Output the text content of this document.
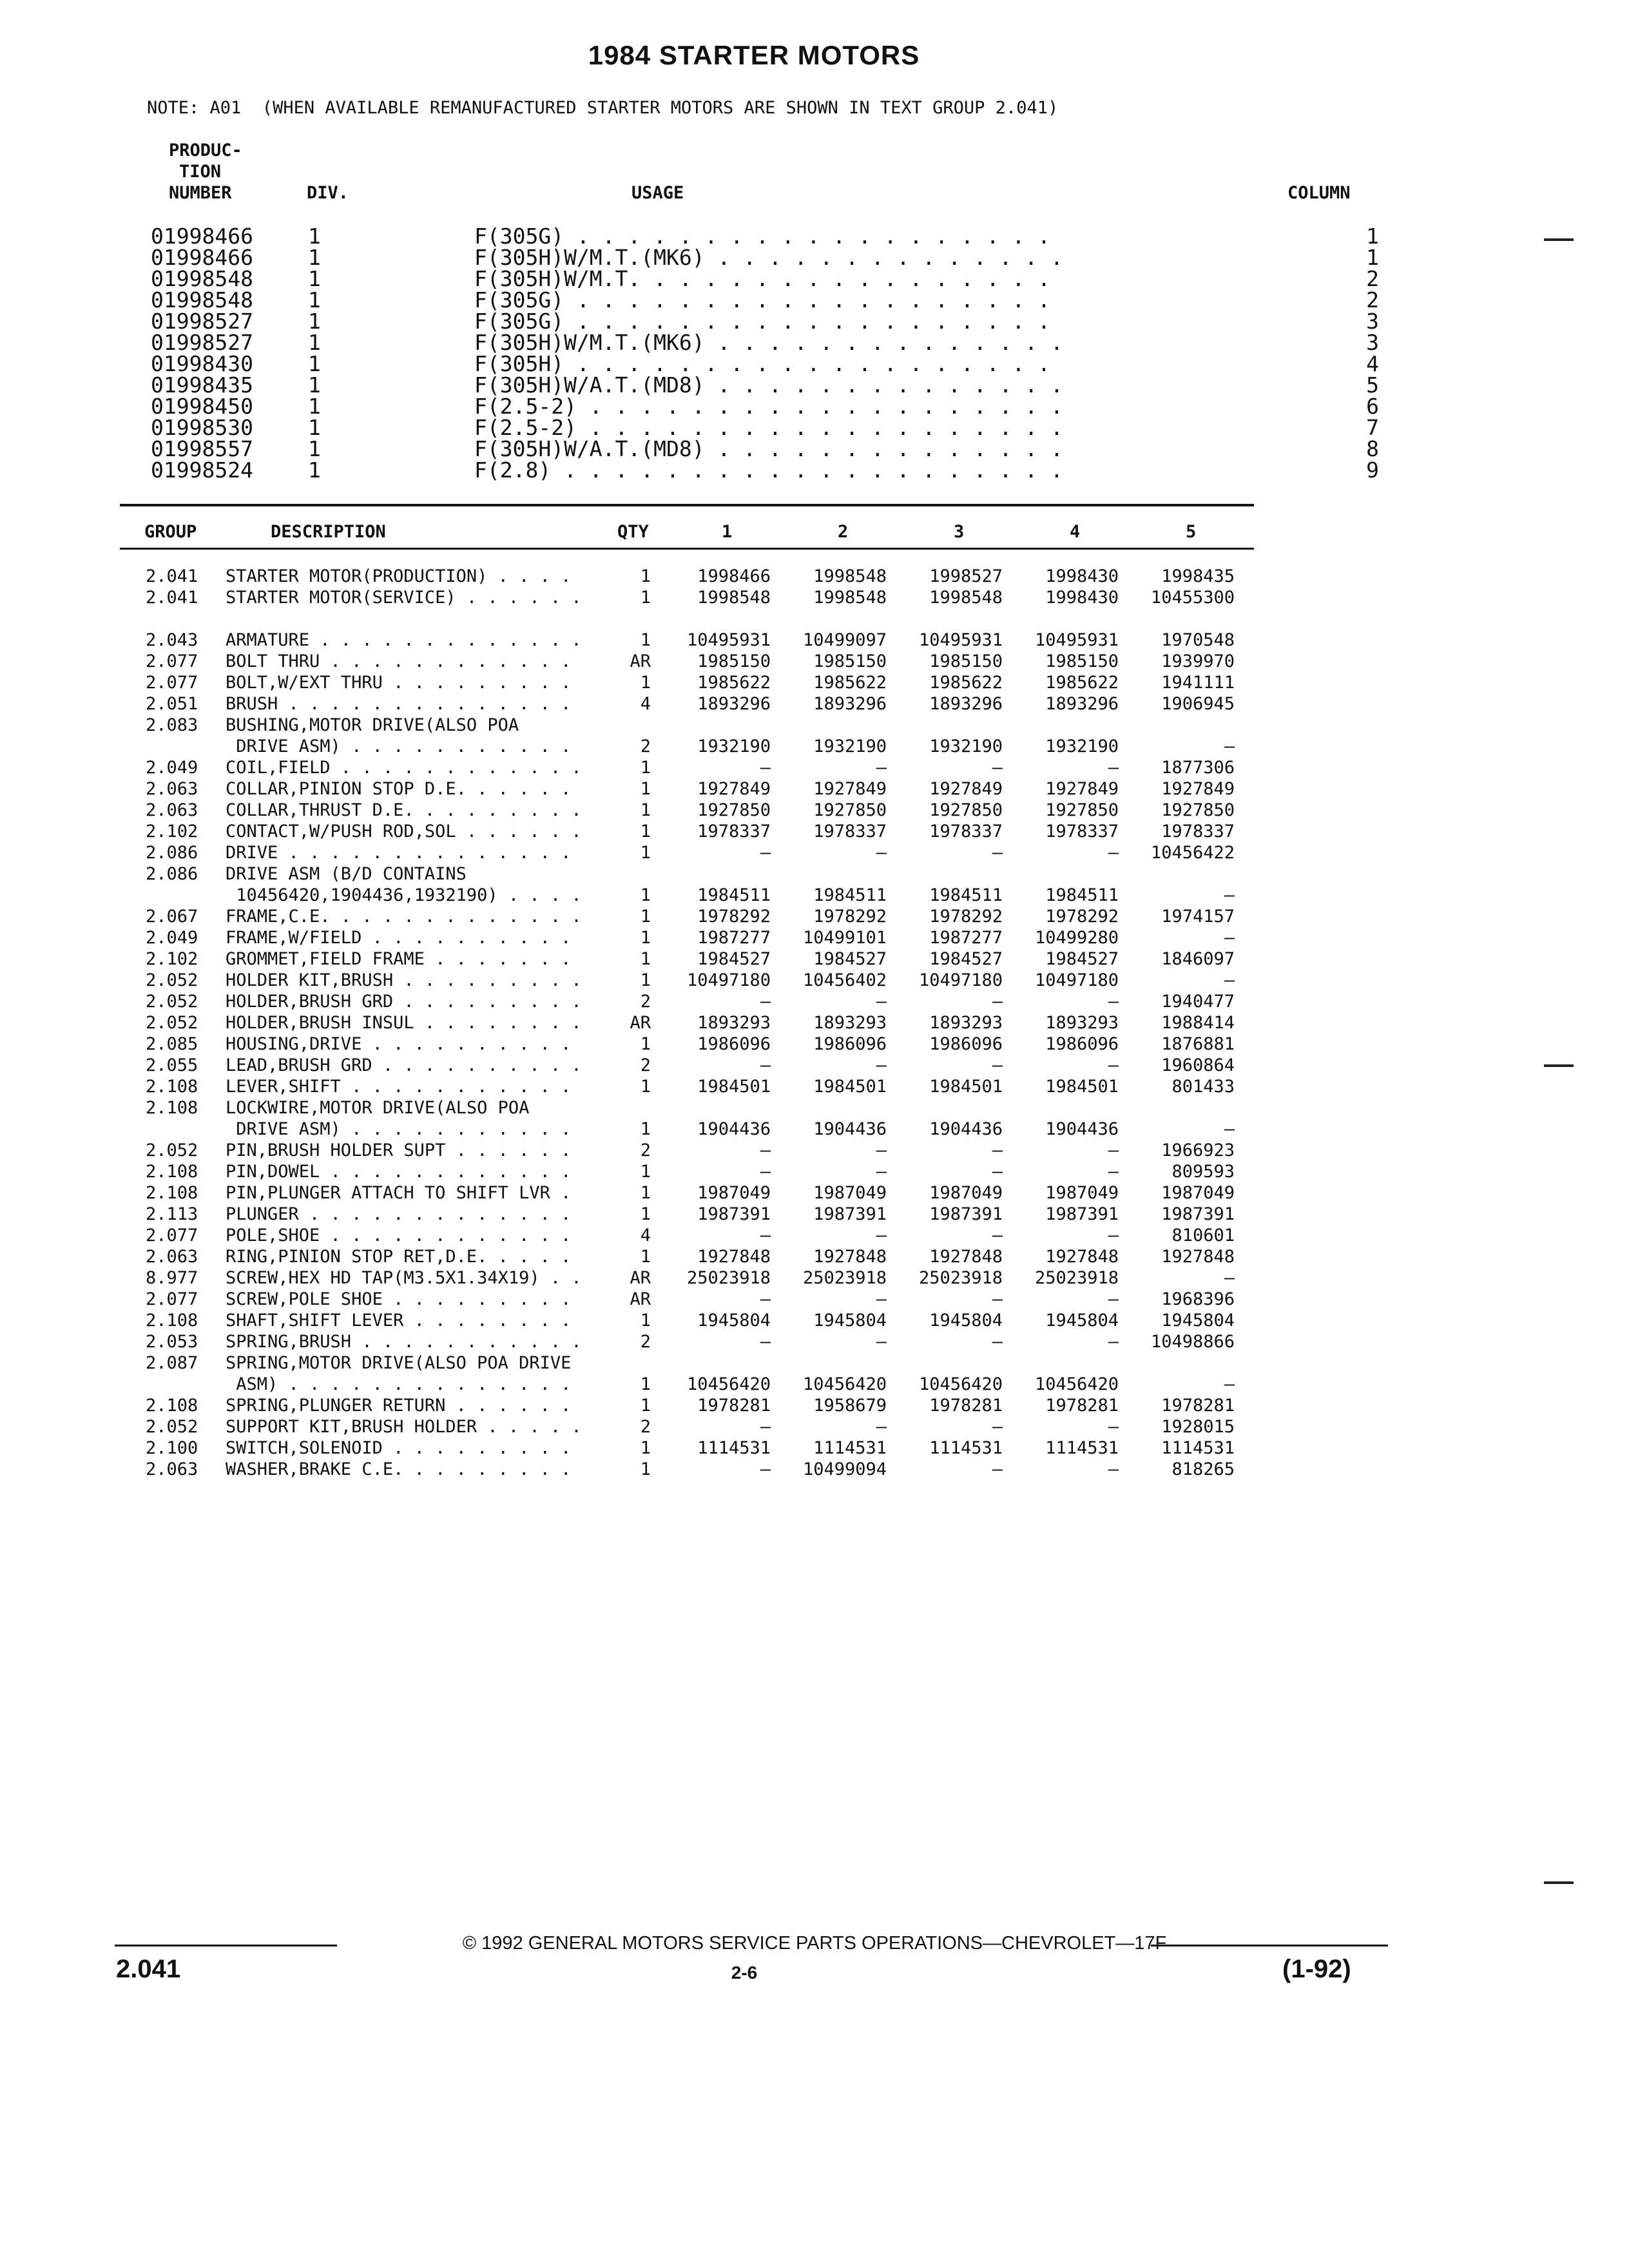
1984 STARTER MOTORS
NOTE: A01  (WHEN AVAILABLE REMANUFACTURED STARTER MOTORS ARE SHOWN IN TEXT GROUP 2.041)
PRODUC-
TION
NUMBER	DIV.	USAGE	COLUMN
01998466	1	F(305G) . . . . . . . . . . . . . . . . . . .	1
01998466	1	F(305H)W/M.T.(MK6) . . . . . . . . . . . . . .	1
01998548	1	F(305H)W/M.T. . . . . . . . . . . . . . . . .	2
01998548	1	F(305G) . . . . . . . . . . . . . . . . . . .	2
01998527	1	F(305G) . . . . . . . . . . . . . . . . . . .	3
01998527	1	F(305H)W/M.T.(MK6) . . . . . . . . . . . . . .	3
01998430	1	F(305H) . . . . . . . . . . . . . . . . . . .	4
01998435	1	F(305H)W/A.T.(MD8) . . . . . . . . . . . . . .	5
01998450	1	F(2.5-2) . . . . . . . . . . . . . . . . . . .	6
01998530	1	F(2.5-2) . . . . . . . . . . . . . . . . . . .	7
01998557	1	F(305H)W/A.T.(MD8) . . . . . . . . . . . . . .	8
01998524	1	F(2.8) . . . . . . . . . . . . . . . . . . . .	9
GROUP	DESCRIPTION	QTY	1	2	3	4	5
2.041 STARTER MOTOR(PRODUCTION) . . . .	1	1998466	1998548	1998527	1998430	1998435
2.041 STARTER MOTOR(SERVICE) . . . . . .	1	1998548	1998548	1998548	1998430	10455300
2.043 ARMATURE . . . . . . . . . . . . .	1	10495931	10499097	10495931	10495931	1970548
2.077 BOLT THRU . . . . . . . . . . . .	AR	1985150	1985150	1985150	1985150	1939970
2.077 BOLT,W/EXT THRU . . . . . . . . .	1	1985622	1985622	1985622	1985622	1941111
2.051 BRUSH . . . . . . . . . . . . . .	4	1893296	1893296	1893296	1893296	1906945
2.083 BUSHING,MOTOR DRIVE(ALSO POA
DRIVE ASM) . . . . . . . . . . .	2	1932190	1932190	1932190	1932190	—
2.049 COIL,FIELD . . . . . . . . . . . .	1	—	—	—	—	1877306
2.063 COLLAR,PINION STOP D.E. . . . . .	1	1927849	1927849	1927849	1927849	1927849
2.063 COLLAR,THRUST D.E. . . . . . . . .	1	1927850	1927850	1927850	1927850	1927850
2.102 CONTACT,W/PUSH ROD,SOL . . . . . .	1	1978337	1978337	1978337	1978337	1978337
2.086 DRIVE . . . . . . . . . . . . . .	1	—	—	—	—	10456422
2.086 DRIVE ASM (B/D CONTAINS
10456420,1904436,1932190) . . . .	1	1984511	1984511	1984511	1984511	—
2.067 FRAME,C.E. . . . . . . . . . . . .	1	1978292	1978292	1978292	1978292	1974157
2.049 FRAME,W/FIELD . . . . . . . . . .	1	1987277	10499101	1987277	10499280	—
2.102 GROMMET,FIELD FRAME . . . . . . .	1	1984527	1984527	1984527	1984527	1846097
2.052 HOLDER KIT,BRUSH . . . . . . . . .	1	10497180	10456402	10497180	10497180	—
2.052 HOLDER,BRUSH GRD . . . . . . . . .	2	—	—	—	—	1940477
2.052 HOLDER,BRUSH INSUL . . . . . . . .	AR	1893293	1893293	1893293	1893293	1988414
2.085 HOUSING,DRIVE . . . . . . . . . .	1	1986096	1986096	1986096	1986096	1876881
2.055 LEAD,BRUSH GRD . . . . . . . . . .	2	—	—	—	—	1960864
2.108 LEVER,SHIFT . . . . . . . . . . .	1	1984501	1984501	1984501	1984501	801433
2.108 LOCKWIRE,MOTOR DRIVE(ALSO POA
DRIVE ASM) . . . . . . . . . . .	1	1904436	1904436	1904436	1904436	—
2.052 PIN,BRUSH HOLDER SUPT . . . . . .	2	—	—	—	—	1966923
2.108 PIN,DOWEL . . . . . . . . . . . .	1	—	—	—	—	809593
2.108 PIN,PLUNGER ATTACH TO SHIFT LVR .	1	1987049	1987049	1987049	1987049	1987049
2.113 PLUNGER . . . . . . . . . . . . .	1	1987391	1987391	1987391	1987391	1987391
2.077 POLE,SHOE . . . . . . . . . . . .	4	—	—	—	—	810601
2.063 RING,PINION STOP RET,D.E. . . . .	1	1927848	1927848	1927848	1927848	1927848
8.977 SCREW,HEX HD TAP(M3.5X1.34X19) . .	AR	25023918	25023918	25023918	25023918	—
2.077 SCREW,POLE SHOE . . . . . . . . .	AR	—	—	—	—	1968396
2.108 SHAFT,SHIFT LEVER . . . . . . . .	1	1945804	1945804	1945804	1945804	1945804
2.053 SPRING,BRUSH . . . . . . . . . . .	2	—	—	—	—	10498866
2.087 SPRING,MOTOR DRIVE(ALSO POA DRIVE
ASM) . . . . . . . . . . . . . .	1	10456420	10456420	10456420	10456420	—
2.108 SPRING,PLUNGER RETURN . . . . . .	1	1978281	1958679	1978281	1978281	1978281
2.052 SUPPORT KIT,BRUSH HOLDER . . . . .	2	—	—	—	—	1928015
2.100 SWITCH,SOLENOID . . . . . . . . .	1	1114531	1114531	1114531	1114531	1114531
2.063 WASHER,BRAKE C.E. . . . . . . . .	1	—	10499094	—	—	818265
© 1992 GENERAL MOTORS SERVICE PARTS OPERATIONS—CHEVROLET—17F
2.041	2-6	(1-92)
